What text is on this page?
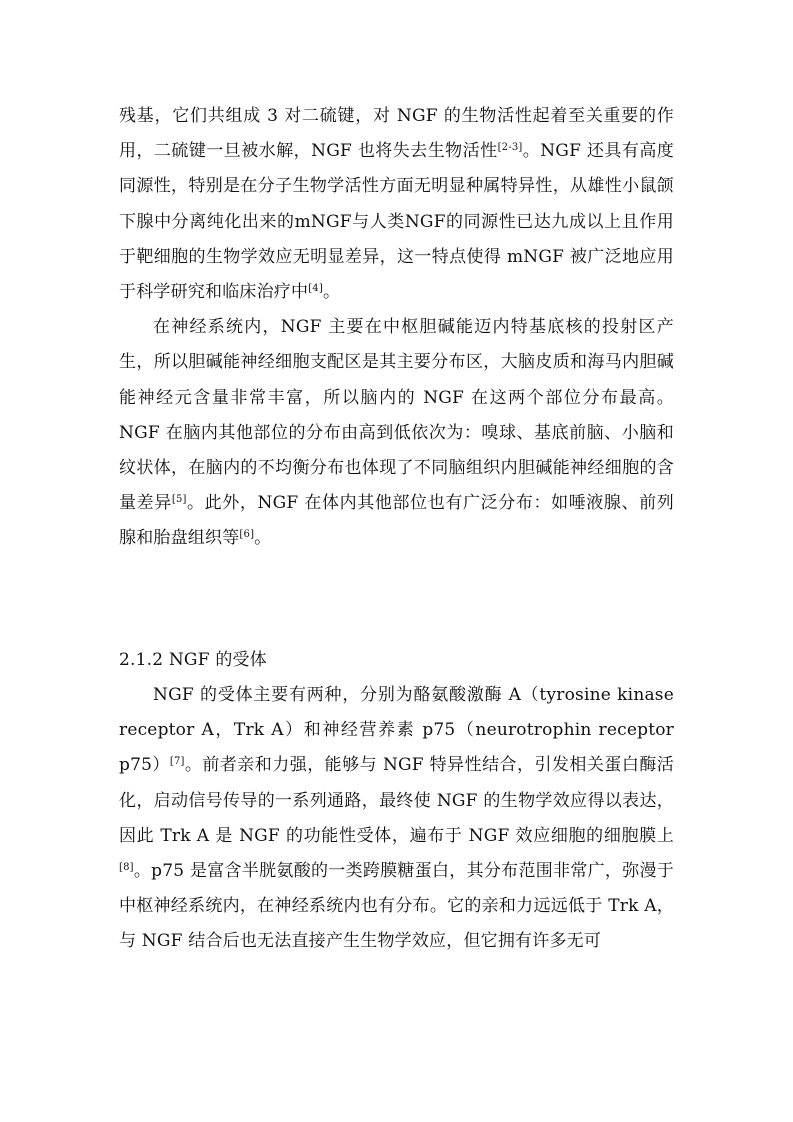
残基，它们共组成 3 对二硫键，对 NGF 的生物活性起着至关重要的作用，二硫键一旦被水解，NGF 也将失去生物活性[2-3]。NGF 还具有高度同源性，特别是在分子生物学活性方面无明显种属特异性，从雄性小鼠颌下腺中分离纯化出来的mNGF与人类NGF的同源性已达九成以上且作用于靶细胞的生物学效应无明显差异，这一特点使得 mNGF 被广泛地应用于科学研究和临床治疗中[4]。

在神经系统内，NGF 主要在中枢胆碱能迈内特基底核的投射区产生，所以胆碱能神经细胞支配区是其主要分布区，大脑皮质和海马内胆碱能神经元含量非常丰富，所以脑内的 NGF 在这两个部位分布最高。NGF 在脑内其他部位的分布由高到低依次为：嗅球、基底前脑、小脑和纹状体，在脑内的不均衡分布也体现了不同脑组织内胆碱能神经细胞的含量差异[5]。此外，NGF 在体内其他部位也有广泛分布：如唾液腺、前列腺和胎盘组织等[6]。

2.1.2 NGF 的受体

NGF 的受体主要有两种，分别为酪氨酸激酶 A（tyrosine kinase receptor A，Trk A）和神经营养素 p75（neurotrophin receptor p75）[7]。前者亲和力强，能够与 NGF 特异性结合，引发相关蛋白酶活化，启动信号传导的一系列通路，最终使 NGF 的生物学效应得以表达，因此 Trk A 是 NGF 的功能性受体，遍布于 NGF 效应细胞的细胞膜上[8]。p75 是富含半胱氨酸的一类跨膜糖蛋白，其分布范围非常广，弥漫于中枢神经系统内，在神经系统内也有分布。它的亲和力远远低于 Trk A，与 NGF 结合后也无法直接产生生物学效应，但它拥有许多无可
